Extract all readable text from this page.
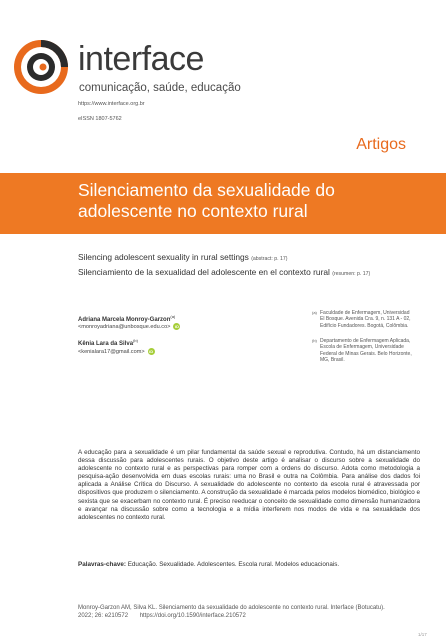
interface
comunicação, saúde, educação
https://www.interface.org.br
eISSN 1807-5762
Artigos
Silenciamento da sexualidade do adolescente no contexto rural
Silencing adolescent sexuality in rural settings (abstract: p. 17)
Silenciamiento de la sexualidad del adolescente en el contexto rural (resumen: p. 17)
Adriana Marcela Monroy-Garzon$^{(a)}$
<monroyadriana@unbosque.edu.co> iD
Kênia Lara da Silva$^{(b)}$
<kenialara17@gmail.com> iD
(a) Faculdade de Enfermagem, Universidad El Bosque. Avenida Cra. 9, n. 131 A - 02, Edifício Fundadores. Bogotá, Colômbia.
(b) Departamento de Enfermagem Aplicada, Escola de Enfermagem, Universidade Federal de Minas Gerais. Belo Horizonte, MG, Brasil.
A educação para a sexualidade é um pilar fundamental da saúde sexual e reprodutiva. Contudo, há um distanciamento dessa discussão para adolescentes rurais. O objetivo deste artigo é analisar o discurso sobre a sexualidade do adolescente no contexto rural e as perspectivas para romper com a ordens do discurso. Adota como metodologia a pesquisa-ação desenvolvida em duas escolas rurais: uma no Brasil e outra na Colômbia. Para análise dos dados foi aplicada a Análise Crítica do Discurso. A sexualidade do adolescente no contexto da escola rural é atravessada por dispositivos que produzem o silenciamento. A construção da sexualidade é marcada pelos modelos biomédico, biológico e sexista que se exacerbam no contexto rural. É preciso reeducar o conceito de sexualidade como dimensão humanizadora e avançar na discussão sobre como a tecnologia e a mídia interferem nos modos de vida e na sexualidade dos adolescentes no contexto rural.
Palavras-chave: Educação. Sexualidade. Adolescentes. Escola rural. Modelos educacionais.
Monroy-Garzon AM, Silva KL. Silenciamento da sexualidade do adolescente no contexto rural. Interface (Botucatu).
2022; 26: e210572       https://doi.org/10.1590/interface.210572
1/17
